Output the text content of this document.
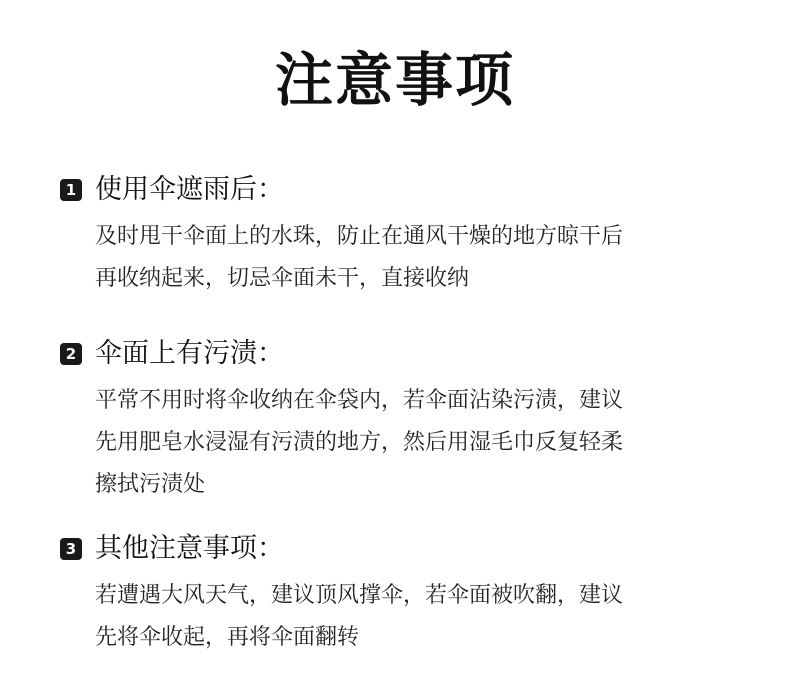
注意事项
1 使用伞遮雨后：
及时甩干伞面上的水珠，防止在通风干燥的地方晾干后
再收纳起来，切忌伞面未干，直接收纳
2 伞面上有污渍：
平常不用时将伞收纳在伞袋内，若伞面沾染污渍，建议
先用肥皂水浸湿有污渍的地方，然后用湿毛巾反复轻柔
擦拭污渍处
3 其他注意事项：
若遭遇大风天气，建议顶风撑伞，若伞面被吹翻，建议
先将伞收起，再将伞面翻转
